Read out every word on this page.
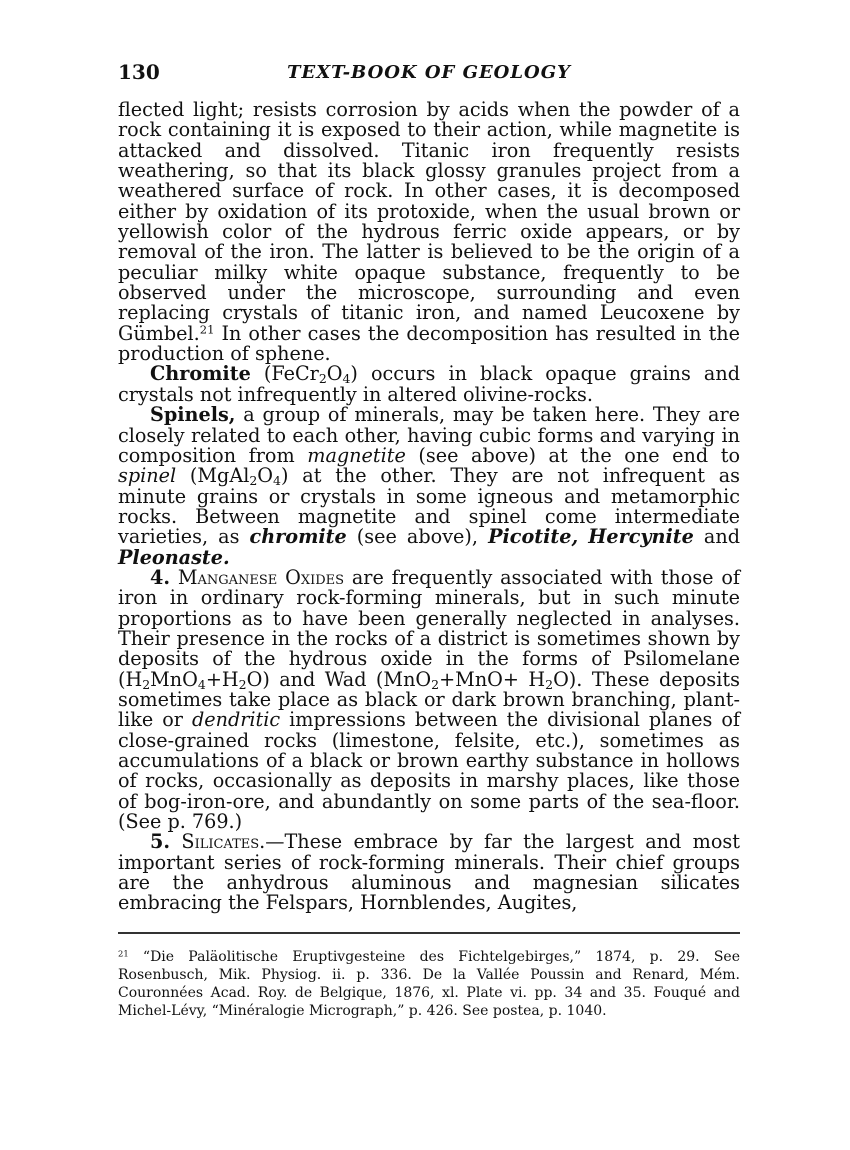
130	TEXT-BOOK OF GEOLOGY

flected light; resists corrosion by acids when the powder of a rock containing it is exposed to their action, while magnetite is attacked and dissolved. Titanic iron frequently resists weathering, so that its black glossy granules project from a weathered surface of rock. In other cases, it is decomposed either by oxidation of its protoxide, when the usual brown or yellowish color of the hydrous ferric oxide appears, or by removal of the iron. The latter is believed to be the origin of a peculiar milky white opaque substance, frequently to be observed under the microscope, surrounding and even replacing crystals of titanic iron, and named Leucoxene by Gümbel.$^{21}$ In other cases the decomposition has resulted in the production of sphene.

Chromite $(FeCr_2O_4)$ occurs in black opaque grains and crystals not infrequently in altered olivine-rocks.

Spinels, a group of minerals, may be taken here. They are closely related to each other, having cubic forms and varying in composition from magnetite (see above) at the one end to spinel $(MgAl_2O_4)$ at the other. They are not infrequent as minute grains or crystals in some igneous and metamorphic rocks. Between magnetite and spinel come intermediate varieties, as chromite (see above), Picotite, Hercynite and Pleonaste.

4. Manganese Oxides are frequently associated with those of iron in ordinary rock-forming minerals, but in such minute proportions as to have been generally neglected in analyses. Their presence in the rocks of a district is sometimes shown by deposits of the hydrous oxide in the forms of Psilomelane $(H_2MnO_4+H_2O)$ and Wad $(MnO_2+MnO+ H_2O)$. These deposits sometimes take place as black or dark brown branching, plant-like or dendritic impressions between the divisional planes of close-grained rocks (limestone, felsite, etc.), sometimes as accumulations of a black or brown earthy substance in hollows of rocks, occasionally as deposits in marshy places, like those of bog-iron-ore, and abundantly on some parts of the sea-floor. (See p. 769.)

5. Silicates.—These embrace by far the largest and most important series of rock-forming minerals. Their chief groups are the anhydrous aluminous and magnesian silicates embracing the Felspars, Hornblendes, Augites,

$^{21}$ “Die Paläolitische Eruptivgesteine des Fichtelgebirges,” 1874, p. 29. See Rosenbusch, Mik. Physiog. ii. p. 336. De la Vallée Poussin and Renard, Mém. Couronnées Acad. Roy. de Belgique, 1876, xl. Plate vi. pp. 34 and 35. Fouqué and Michel-Lévy, “Minéralogie Micrograph,” p. 426. See postea, p. 1040.
